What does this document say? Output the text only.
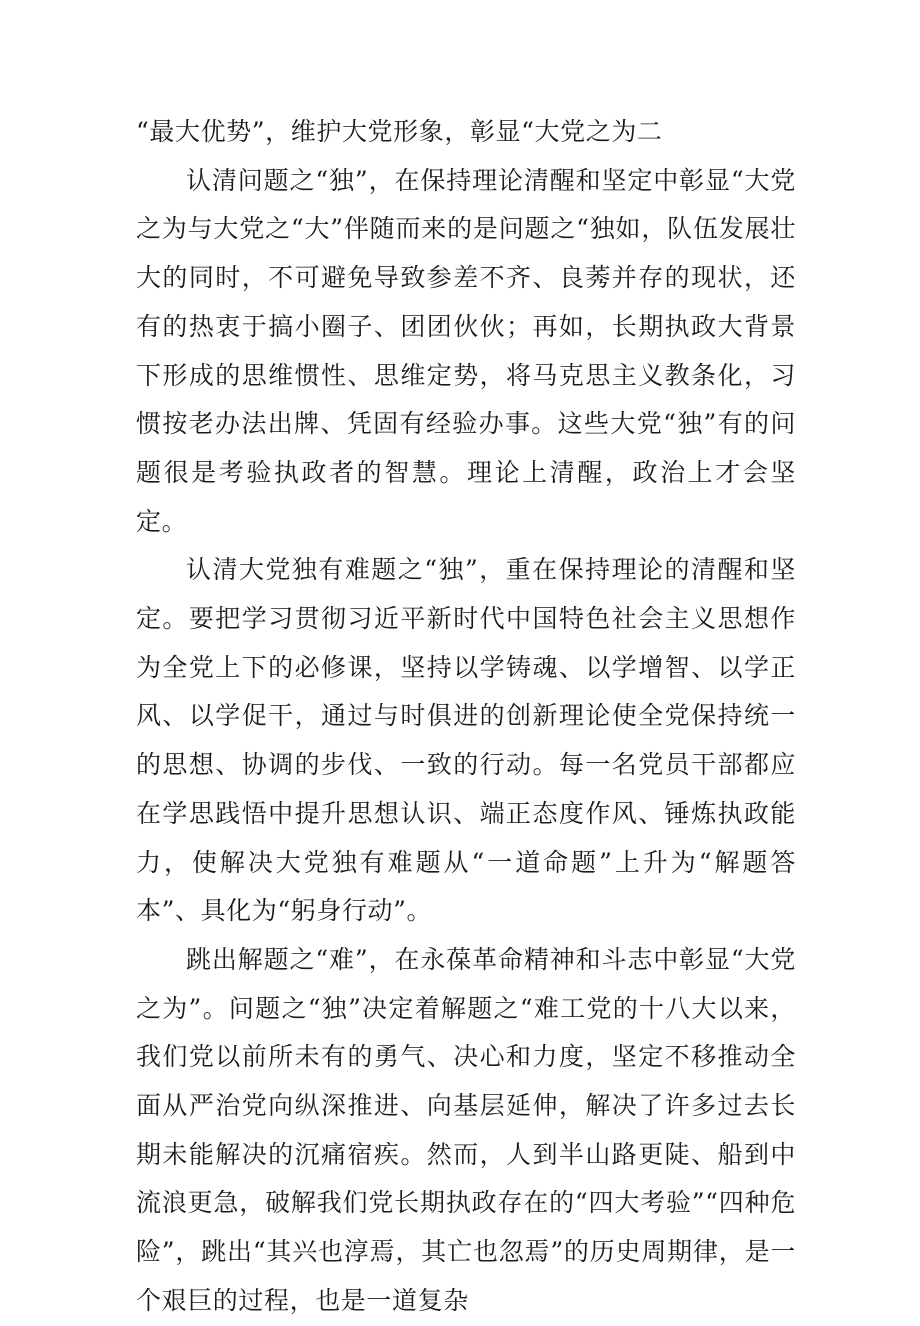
“最大优势”，维护大党形象，彰显“大党之为二

认清问题之“独”，在保持理论清醒和坚定中彰显“大党之为与大党之“大”伴随而来的是问题之“独如，队伍发展壮大的同时，不可避免导致参差不齐、良莠并存的现状，还有的热衷于搞小圈子、团团伙伙；再如，长期执政大背景下形成的思维惯性、思维定势，将马克思主义教条化，习惯按老办法出牌、凭固有经验办事。这些大党“独”有的问题很是考验执政者的智慧。理论上清醒，政治上才会坚定。

认清大党独有难题之“独”，重在保持理论的清醒和坚定。要把学习贯彻习近平新时代中国特色社会主义思想作为全党上下的必修课，坚持以学铸魂、以学增智、以学正风、以学促干，通过与时俱进的创新理论使全党保持统一的思想、协调的步伐、一致的行动。每一名党员干部都应在学思践悟中提升思想认识、端正态度作风、锤炼执政能力，使解决大党独有难题从“一道命题”上升为“解题答本”、具化为“躬身行动”。

跳出解题之“难”，在永葆革命精神和斗志中彰显“大党之为”。问题之“独”决定着解题之“难工党的十八大以来，我们党以前所未有的勇气、决心和力度，坚定不移推动全面从严治党向纵深推进、向基层延伸，解决了许多过去长期未能解决的沉痛宿疾。然而，人到半山路更陡、船到中流浪更急，破解我们党长期执政存在的“四大考验”“四种危险”，跳出“其兴也淳焉，其亡也忽焉”的历史周期律，是一个艰巨的过程，也是一道复杂
